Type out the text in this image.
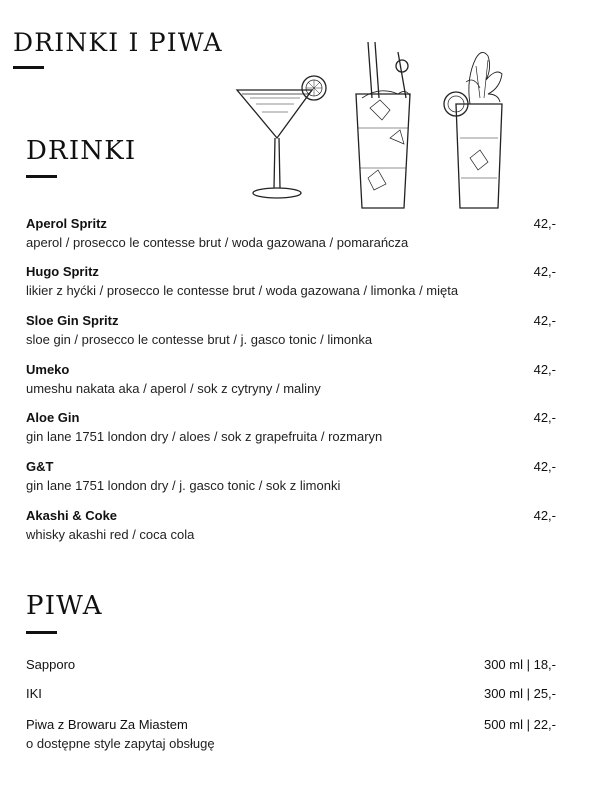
DRINKI I PIWA
DRINKI
Aperol Spritz
aperol / prosecco le contesse brut / woda gazowana / pomarańcza
42,-
Hugo Spritz
likier z hyćki / prosecco le contesse brut / woda gazowana / limonka / mięta
42,-
Sloe Gin Spritz
sloe gin / prosecco le contesse brut / j. gasco tonic / limonka
42,-
Umeko
umeshu nakata aka / aperol / sok z cytryny / maliny
42,-
Aloe Gin
gin lane 1751 london dry / aloes / sok z grapefruita / rozmaryn
42,-
G&T
gin lane 1751 london dry / j. gasco tonic / sok z limonki
42,-
Akashi & Coke
whisky akashi red / coca cola
42,-
PIWA
Sapporo	300 ml | 18,-
IKI	300 ml | 25,-
Piwa z Browaru Za Miastem
o dostępne style zapytaj obsługę
500 ml | 22,-
